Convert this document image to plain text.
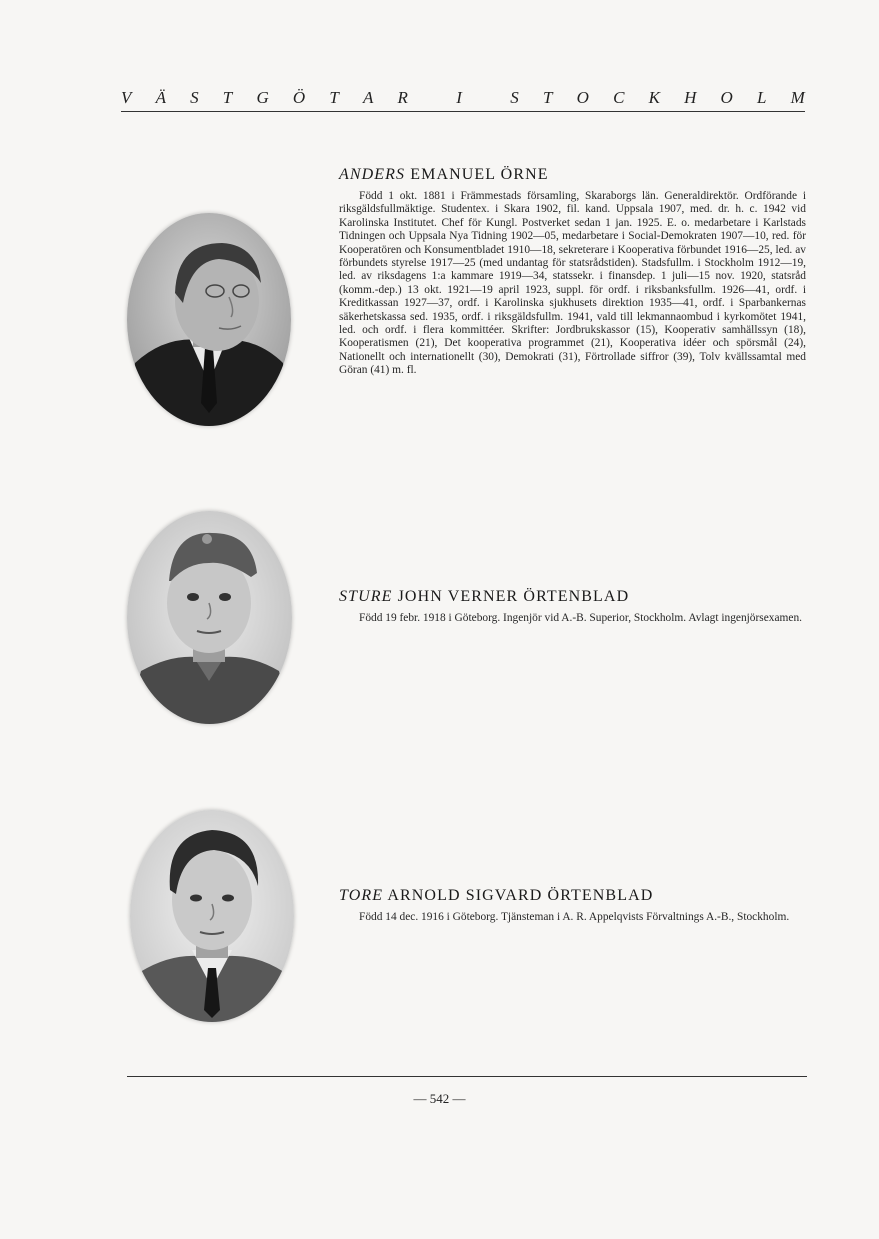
V Ä S T G Ö T A R	I	S T O C K H O L M

ANDERS EMANUEL ÖRNE

Född 1 okt. 1881 i Främmestads församling, Skaraborgs län. Generaldirektör. Ordförande i riksgäldsfullmäktige. Studentex. i Skara 1902, fil. kand. Uppsala 1907, med. dr. h. c. 1942 vid Karolinska Institutet. Chef för Kungl. Postverket sedan 1 jan. 1925. E. o. medarbetare i Karlstads Tidningen och Uppsala Nya Tidning 1902—05, medarbetare i Social-Demokraten 1907—10, red. för Kooperatören och Konsumentbladet 1910—18, sekreterare i Kooperativa förbundet 1916—25, led. av förbundets styrelse 1917—25 (med undantag för statsrådstiden). Stadsfullm. i Stockholm 1912—19, led. av riksdagens 1:a kammare 1919—34, statssekr. i finansdep. 1 juli—15 nov. 1920, statsråd (komm.-dep.) 13 okt. 1921—19 april 1923, suppl. för ordf. i riksbanksfullm. 1926—41, ordf. i Kreditkassan 1927—37, ordf. i Karolinska sjukhusets direktion 1935—41, ordf. i Sparbankernas säkerhetskassa sed. 1935, ordf. i riksgäldsfullm. 1941, vald till lekmannaombud i kyrkomötet 1941, led. och ordf. i flera kommittéer. Skrifter: Jordbrukskassor (15), Kooperativ samhällssyn (18), Kooperatismen (21), Det kooperativa programmet (21), Kooperativa idéer och spörsmål (24), Nationellt och internationellt (30), Demokrati (31), Förtrollade siffror (39), Tolv kvällssamtal med Göran (41) m. fl.

STURE JOHN VERNER ÖRTENBLAD

Född 19 febr. 1918 i Göteborg. Ingenjör vid A.-B. Superior, Stockholm. Avlagt ingenjörsexamen.

TORE ARNOLD SIGVARD ÖRTENBLAD

Född 14 dec. 1916 i Göteborg. Tjänsteman i A. R. Appelqvists Förvaltnings A.-B., Stockholm.

— 542 —
